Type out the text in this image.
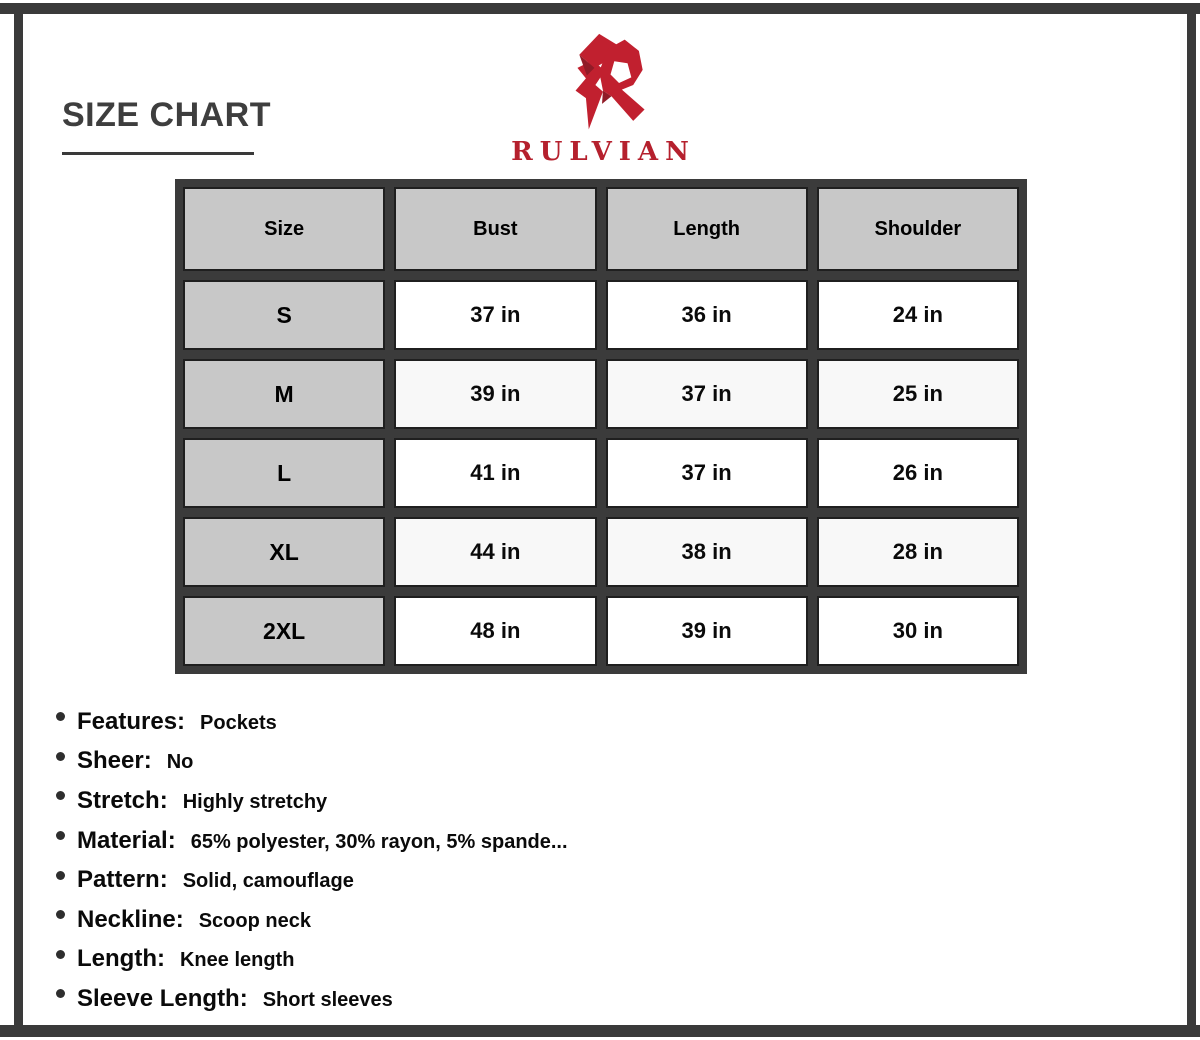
SIZE CHART
RULVIAN
Size	Bust	Length	Shoulder
S	37 in	36 in	24 in
M	39 in	37 in	25 in
L	41 in	37 in	26 in
XL	44 in	38 in	28 in
2XL	48 in	39 in	30 in
Features: Pockets
Sheer: No
Stretch: Highly stretchy
Material: 65% polyester, 30% rayon, 5% spande...
Pattern: Solid, camouflage
Neckline: Scoop neck
Length: Knee length
Sleeve Length: Short sleeves
